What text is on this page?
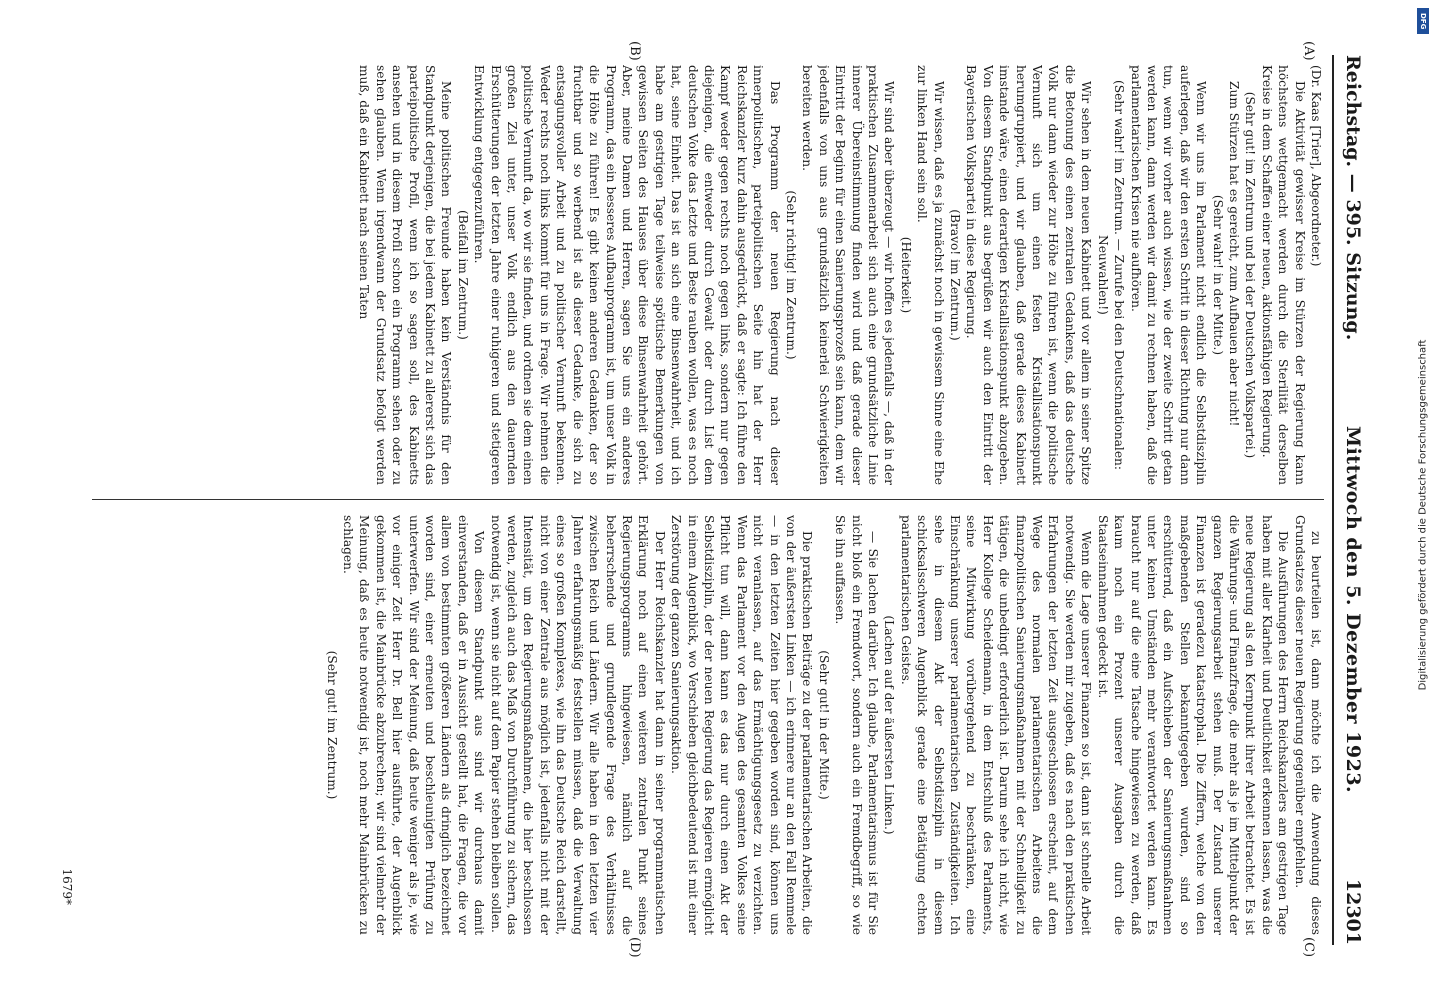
Reichstag. — 395. Sitzung.
Mittwoch den 5. Dezember 1923.
12301
(A)
(B)
(C)
(D)

(Dr. Kaas [Trier], Abgeordneter.)

Die Aktivität gewisser Kreise im Stürzen der Regierung kann höchstens wettgemacht werden durch die Sterilität derselben Kreise in dem Schaffen einer neuen, aktionsfähigen Regierung.

(Sehr gut! im Zentrum und bei der Deutschen Volkspartei.)

Zum Stürzen hat es gereicht, zum Aufbauen aber nicht!

(Sehr wahr! in der Mitte.)

Wenn wir uns im Parlament nicht endlich die Selbstdisziplin auferlegen, daß wir den ersten Schritt in dieser Richtung nur dann tun, wenn wir vorher auch wissen, wie der zweite Schritt getan werden kann, dann werden wir damit zu rechnen haben, daß die parlamentarischen Krisen nie aufhören.

(Sehr wahr! im Zentrum. — Zurufe bei den Deutschnationalen: Neuwahlen!)

Wir sehen in dem neuen Kabinett und vor allem in seiner Spitze die Betonung des einen zentralen Gedankens, daß das deutsche Volk nur dann wieder zur Höhe zu führen ist, wenn die politische Vernunft sich um einen festen Kristallisationspunkt herumgruppiert, und wir glauben, daß gerade dieses Kabinett imstande wäre, einen derartigen Kristallisationspunkt abzugeben. Von diesem Standpunkt aus begrüßen wir auch den Eintritt der Bayerischen Volkspartei in diese Regierung.

(Bravo! im Zentrum.)

Wir wissen, daß es ja zunächst noch in gewissem Sinne eine Ehe zur linken Hand sein soll.

(Heiterkeit.)

Wir sind aber überzeugt — wir hoffen es jedenfalls —, daß in der praktischen Zusammenarbeit sich auch eine grundsätzliche Linie innerer Übereinstimmung finden wird und daß gerade dieser Eintritt der Beginn für einen Sanierungsprozeß sein kann, dem wir jedenfalls von uns aus grundsätzlich keinerlei Schwierigkeiten bereiten werden.

(Sehr richtig! im Zentrum.)

Das Programm der neuen Regierung nach dieser innerpolitischen, parteipolitischen Seite hin hat der Herr Reichskanzler kurz dahin ausgedrückt, daß er sagte: Ich führe den Kampf weder gegen rechts noch gegen links, sondern nur gegen diejenigen, die entweder durch Gewalt oder durch List dem deutschen Volke das Letzte und Beste rauben wollen, was es noch hat, seine Einheit. Das ist an sich eine Binsenwahrheit, und ich habe am gestrigen Tage teilweise spöttische Bemerkungen von gewissen Seiten des Hauses über diese Binsenwahrheit gehört. Aber, meine Damen und Herren, sagen Sie uns ein anderes Programm, das ein besseres Aufbauprogramm ist, um unser Volk in die Höhe zu führen! Es gibt keinen anderen Gedanken, der so fruchtbar und so werbend ist als dieser Gedanke, die sich zu entsagungsvoller Arbeit und zu politischer Vernunft bekennen. Weder rechts noch links kommt für uns in Frage. Wir nehmen die politische Vernunft da, wo wir sie finden, und ordnen sie dem einen großen Ziel unter, unser Volk endlich aus den dauernden Erschütterungen der letzten Jahre einer ruhigeren und stetigeren Entwicklung entgegenzuführen.

(Beifall im Zentrum.)

Meine politischen Freunde haben kein Verständnis für den Standpunkt derjenigen, die bei jedem Kabinett zu allererst sich das parteipolitische Profil, wenn ich so sagen soll, des Kabinetts ansehen und in diesem Profil schon ein Programm sehen oder zu sehen glauben. Wenn irgendwann der Grundsatz befolgt werden muß, daß ein Kabinett nach seinen Taten

zu beurteilen ist, dann möchte ich die Anwendung dieses Grundsatzes dieser neuen Regierung gegenüber empfehlen.

Die Ausführungen des Herrn Reichskanzlers am gestrigen Tage haben mit aller Klarheit und Deutlichkeit erkennen lassen, was die neue Regierung als den Kernpunkt ihrer Arbeit betrachtet. Es ist die Währungs- und Finanzfrage, die mehr als je im Mittelpunkt der ganzen Regierungsarbeit stehen muß. Der Zustand unserer Finanzen ist geradezu katastrophal. Die Ziffern, welche von den maßgebenden Stellen bekanntgegeben wurden, sind so erschütternd, daß ein Aufschieben der Sanierungsmaßnahmen unter keinen Umständen mehr verantwortet werden kann. Es braucht nur auf die eine Tatsache hingewiesen zu werden, daß kaum noch ein Prozent unserer Ausgaben durch die Staatseinnahmen gedeckt ist.

Wenn die Lage unserer Finanzen so ist, dann ist schnelle Arbeit notwendig. Sie werden mir zugeben, daß es nach den praktischen Erfahrungen der letzten Zeit ausgeschlossen erscheint, auf dem Wege des normalen parlamentarischen Arbeitens die finanzpolitischen Sanierungsmaßnahmen mit der Schnelligkeit zu tätigen, die unbedingt erforderlich ist. Darum sehe ich nicht, wie Herr Kollege Scheidemann, in dem Entschluß des Parlaments, seine Mitwirkung vorübergehend zu beschränken, eine Einschränkung unserer parlamentarischen Zuständigkeiten. Ich sehe in diesem Akt der Selbstdisziplin in diesem schicksalsschweren Augenblick gerade eine Betätigung echten parlamentarischen Geistes.

(Lachen auf der äußersten Linken.)

— Sie lachen darüber. Ich glaube, Parlamentarismus ist für Sie nicht bloß ein Fremdwort, sondern auch ein Fremdbegriff, so wie Sie ihn auffassen.

(Sehr gut! in der Mitte.)

Die praktischen Beiträge zu der parlamentarischen Arbeiten, die von der äußersten Linken — ich erinnere nur an den Fall Remmele — in den letzten Zeiten hier gegeben worden sind, können uns nicht veranlassen, auf das Ermächtigungsgesetz zu verzichten. Wenn das Parlament vor den Augen des gesamten Volkes seine Pflicht tun will, dann kann es das nur durch einen Akt der Selbstdisziplin, der der neuen Regierung das Regieren ermöglicht in einem Augenblick, wo Verschieben gleichbedeutend ist mit einer Zerstörung der ganzen Sanierungsaktion.

Der Herr Reichskanzler hat dann in seiner programmatischen Erklärung noch auf einen weiteren zentralen Punkt seines Regierungsprogramms hingewiesen, nämlich auf die beherrschende und grundlegende Frage des Verhältnisses zwischen Reich und Ländern. Wir alle haben in den letzten vier Jahren erfahrungsmäßig feststellen müssen, daß die Verwaltung eines so großen Komplexes, wie ihn das Deutsche Reich darstellt, nicht von einer Zentrale aus möglich ist, jedenfalls nicht mit der Intensität, um den Regierungsmaßnahmen, die hier beschlossen werden, zugleich auch das Maß von Durchführung zu sichern, das notwendig ist, wenn sie nicht auf dem Papier stehen bleiben sollen.

Von diesem Standpunkt aus sind wir durchaus damit einverstanden, daß er in Aussicht gestellt hat, die Fragen, die vor allem von bestimmten größeren Ländern als dringlich bezeichnet worden sind, einer erneuten und beschleunigten Prüfung zu unterwerfen. Wir sind der Meinung, daß heute weniger als je, wie vor einiger Zeit Herr Dr. Bell hier ausführte, der Augenblick gekommen ist, die Mainbrücke abzubrechen; wir sind vielmehr der Meinung, daß es heute notwendig ist, noch mehr Mainbrücken zu schlagen.

(Sehr gut! im Zentrum.)

1679*
DFG
Digitalisierung gefördert durch die Deutsche Forschungsgemeinschaft
